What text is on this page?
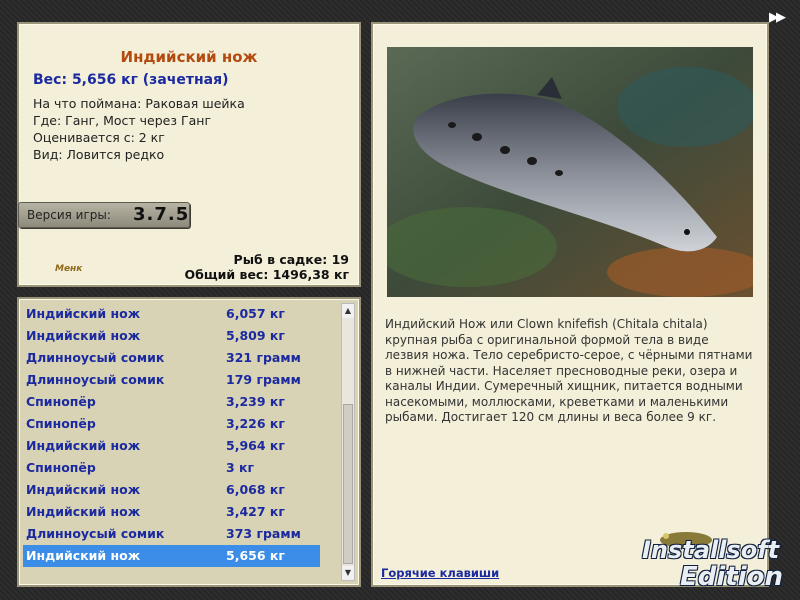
Индийский нож
Вес: 5,656 кг (зачетная)
На что поймана: Раковая шейка
Где: Ганг, Мост через Ганг
Оценивается с: 2 кг
Вид: Ловится редко
Менк
Рыб в садке: 19
Общий вес: 1496,38 кг
Версия игры: 3.7.5
Индийский нож	6,057 кг
Индийский нож	5,809 кг
Длинноусый сомик	321 грамм
Длинноусый сомик	179 грамм
Спинопёр	3,239 кг
Спинопёр	3,226 кг
Индийский нож	5,964 кг
Спинопёр	3 кг
Индийский нож	6,068 кг
Индийский нож	3,427 кг
Длинноусый сомик	373 грамм
Индийский нож	5,656 кг
▲
▼
Индийский Нож или Clown knifefish (Chitala chitala) крупная рыба с оригинальной формой тела в виде лезвия ножа. Тело серебристо-серое, с чёрными пятнами в нижней части. Населяет пресноводные реки, озера и каналы Индии. Сумеречный хищник, питается водными насекомыми, моллюсками, креветками и маленькими рыбами. Достигает 120 см длины и веса более 9 кг.
Горячие клавиши
▶▶
Installsoft
Edition
